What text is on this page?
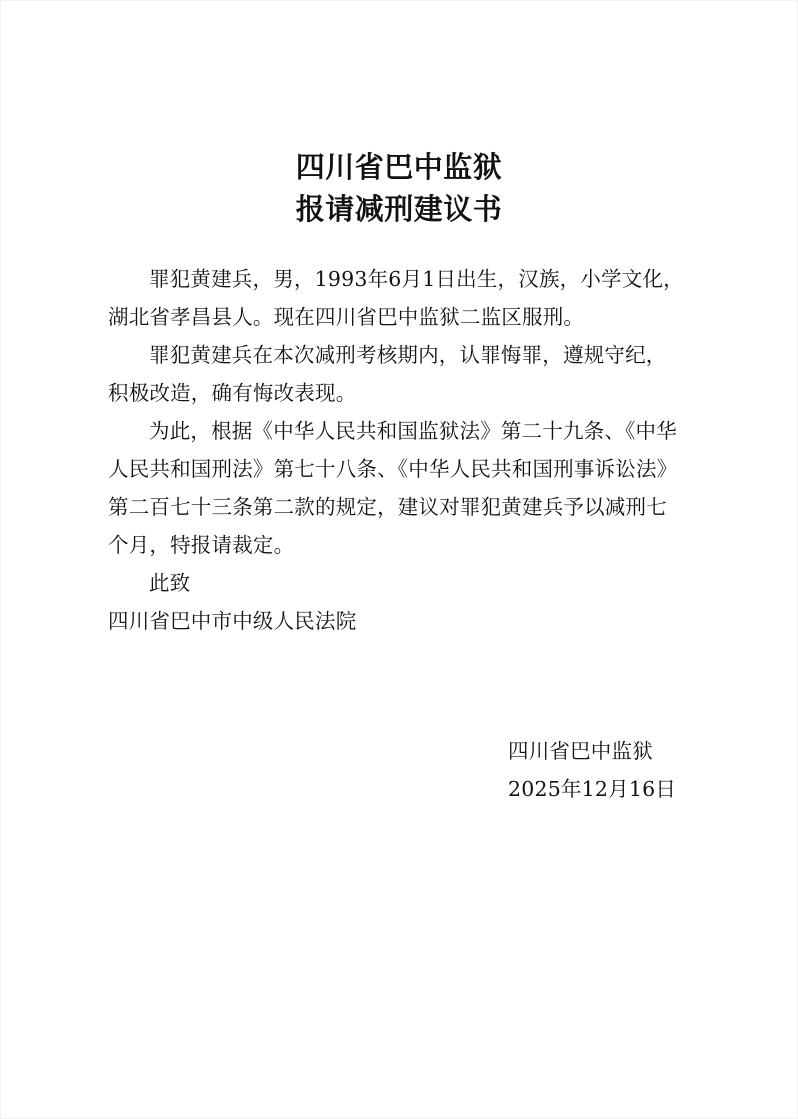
四川省巴中监狱
报请减刑建议书
罪犯黄建兵，男，1993年6月1日出生，汉族，小学文化，
湖北省孝昌县人。现在四川省巴中监狱二监区服刑。
罪犯黄建兵在本次减刑考核期内，认罪悔罪，遵规守纪，
积极改造，确有悔改表现。
为此，根据《中华人民共和国监狱法》第二十九条、《中华
人民共和国刑法》第七十八条、《中华人民共和国刑事诉讼法》
第二百七十三条第二款的规定，建议对罪犯黄建兵予以减刑七
个月，特报请裁定。
此致
四川省巴中市中级人民法院
四川省巴中监狱
2025年12月16日
